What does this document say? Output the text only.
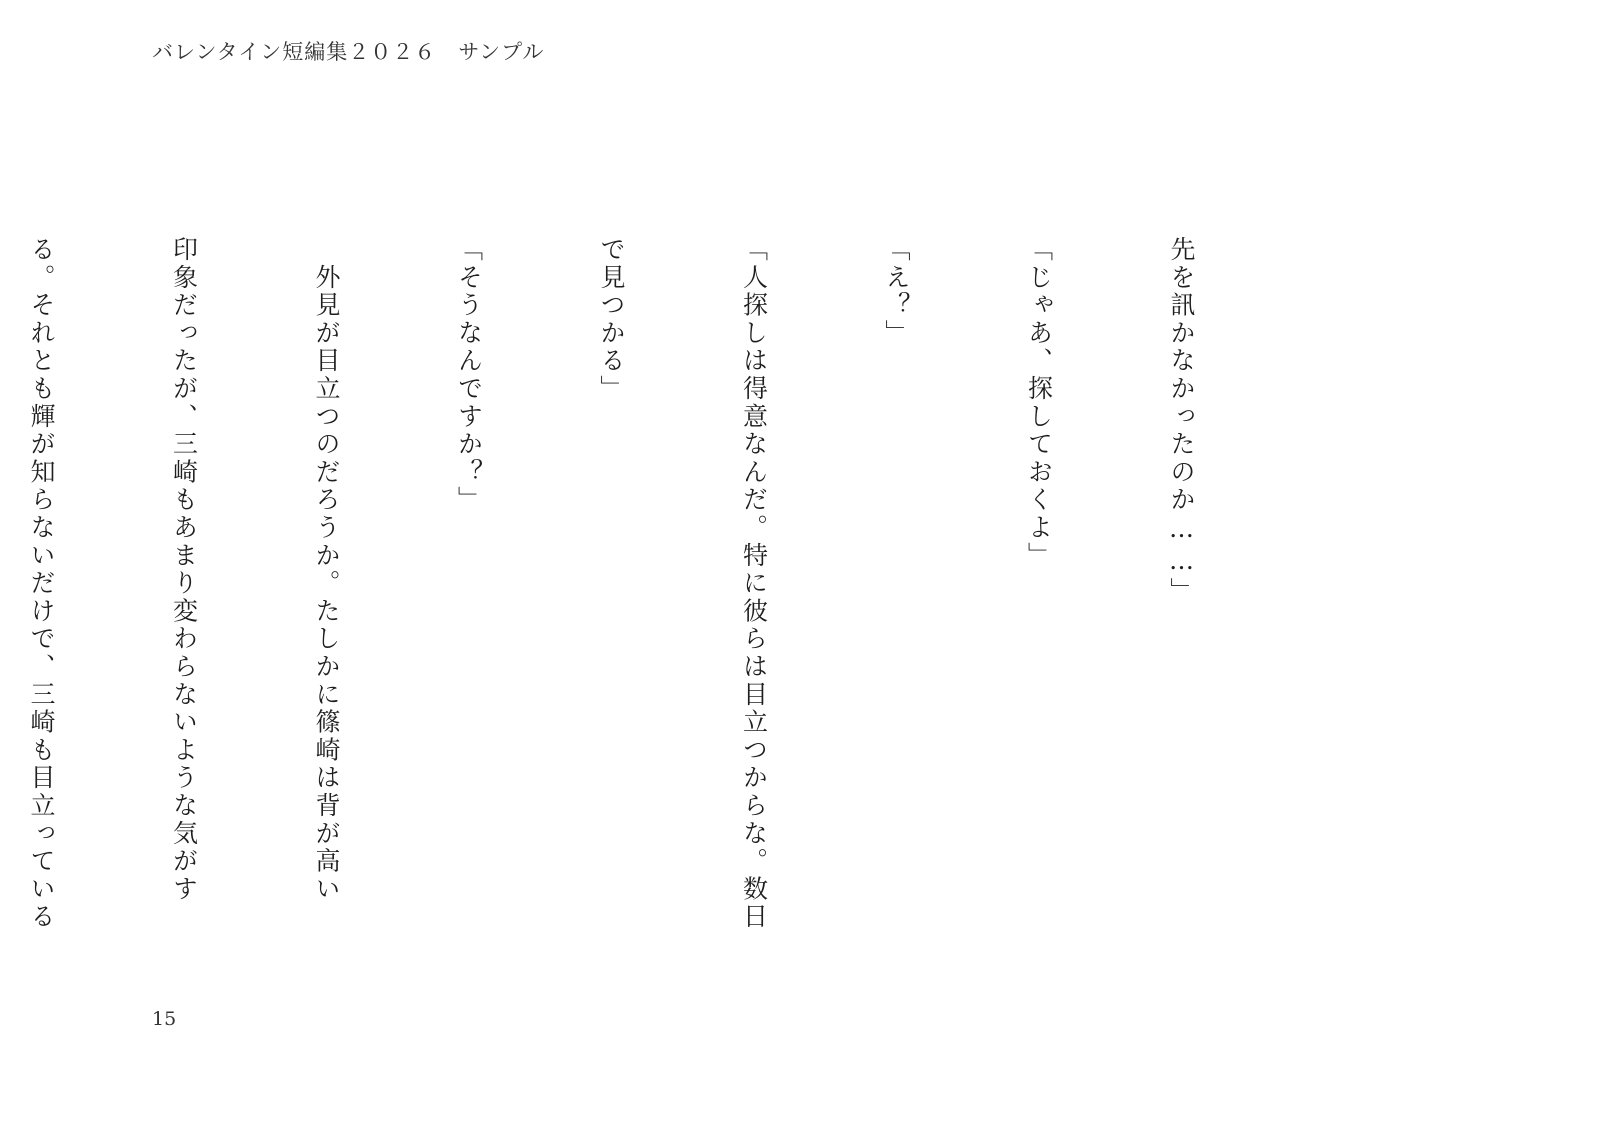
バレンタイン短編集２０２６　サンプル

先を訊かなかったのか……」

「じゃあ、探しておくよ」

「え？」

「人探しは得意なんだ。特に彼らは目立つからな。数日

で見つかる」

「そうなんですか？」

　外見が目立つのだろうか。たしかに篠崎は背が高い

印象だったが、三崎もあまり変わらないような気がす

る。それとも輝が知らないだけで、三崎も目立っている

15
